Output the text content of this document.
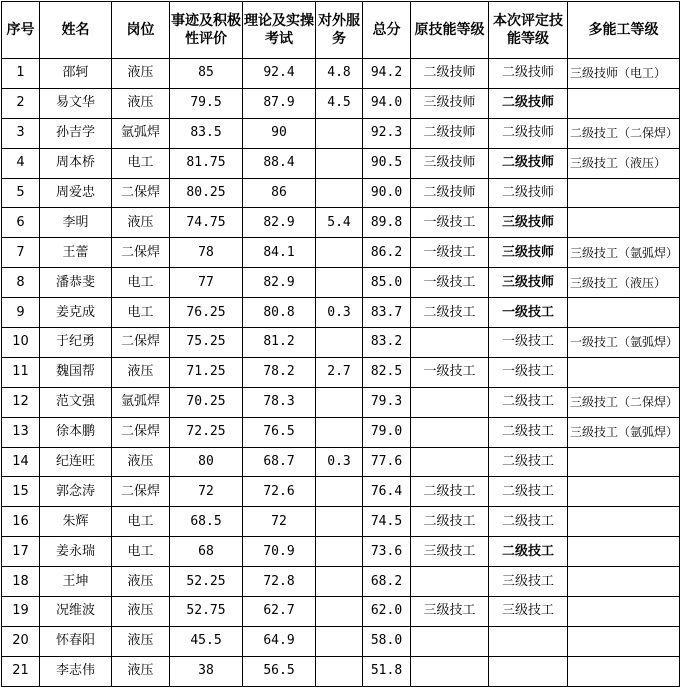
序号	姓名	岗位	事迹及积极性评价	理论及实操考试	对外服务	总分	原技能等级	本次评定技能等级	多能工等级
1	邵轲	液压	85	92.4	4.8	94.2	二级技师	二级技师	三级技师（电工）
2	易文华	液压	79.5	87.9	4.5	94.0	三级技师	二级技师	
3	孙吉学	氩弧焊	83.5	90		92.3	二级技师	二级技师	二级技工（二保焊）
4	周本桥	电工	81.75	88.4		90.5	三级技师	二级技师	三级技工（液压）
5	周爱忠	二保焊	80.25	86		90.0	二级技师	二级技师	
6	李明	液压	74.75	82.9	5.4	89.8	一级技工	三级技师	
7	王蕾	二保焊	78	84.1		86.2	一级技工	三级技师	三级技工（氩弧焊）
8	潘恭斐	电工	77	82.9		85.0	一级技工	三级技师	三级技工（液压）
9	姜克成	电工	76.25	80.8	0.3	83.7	二级技工	一级技工	
10	于纪勇	二保焊	75.25	81.2		83.2		一级技工	一级技工（氩弧焊）
11	魏国帮	液压	71.25	78.2	2.7	82.5	一级技工	一级技工	
12	范文强	氩弧焊	70.25	78.3		79.3		二级技工	三级技工（二保焊）
13	徐本鹏	二保焊	72.25	76.5		79.0		二级技工	三级技工（氩弧焊）
14	纪连旺	液压	80	68.7	0.3	77.6		二级技工	
15	郭念涛	二保焊	72	72.6		76.4	二级技工	二级技工	
16	朱辉	电工	68.5	72		74.5	二级技工	二级技工	
17	姜永瑞	电工	68	70.9		73.6	三级技工	二级技工	
18	王坤	液压	52.25	72.8		68.2		三级技工	
19	况维波	液压	52.75	62.7		62.0	三级技工	三级技工	
20	怀春阳	液压	45.5	64.9		58.0			
21	李志伟	液压	38	56.5		51.8			
